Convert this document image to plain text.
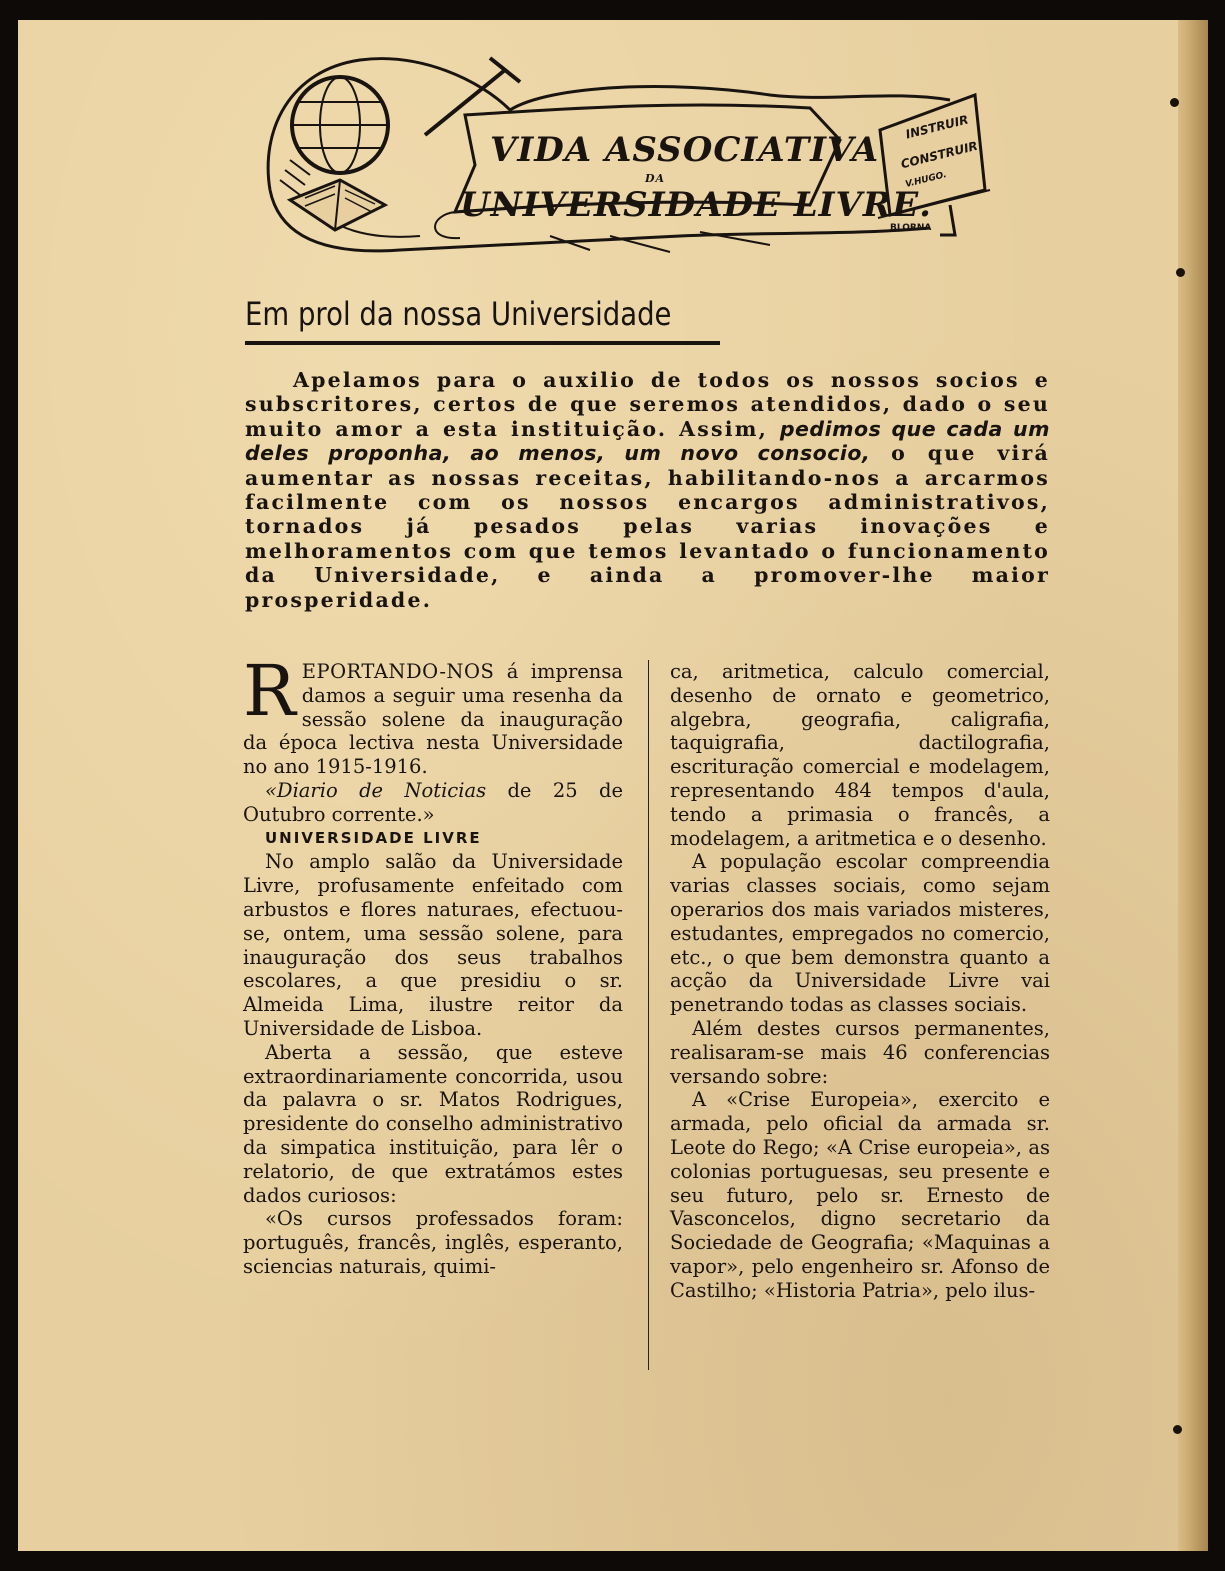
VIDA ASSOCIATIVA
DA
UNIVERSIDADE LIVRE.
INSTRUIR
CONSTRUIR
V.HUGO.
BLORNA
Em prol da nossa Universidade
Apelamos para o auxilio de todos os nossos socios e subscritores, certos de que seremos atendidos, dado o seu muito amor a esta instituição. Assim, pedimos que cada um deles proponha, ao menos, um novo consocio, o que virá aumentar as nossas receitas, habilitando-nos a arcarmos facilmente com os nossos encargos administrativos, tornados já pesados pelas varias inovações e melhoramentos com que temos levantado o funcionamento da Universidade, e ainda a promover-lhe maior prosperidade.

REPORTANDO-NOS á imprensa damos a seguir uma resenha da sessão solene da inauguração da época lectiva nesta Universidade no ano 1915-1916.

«Diario de Noticias de 25 de Outubro corrente.»

UNIVERSIDADE LIVRE

No amplo salão da Universidade Livre, profusamente enfeitado com arbustos e flores naturaes, efectuou-se, ontem, uma sessão solene, para inauguração dos seus trabalhos escolares, a que presidiu o sr. Almeida Lima, ilustre reitor da Universidade de Lisboa.

Aberta a sessão, que esteve extraordinariamente concorrida, usou da palavra o sr. Matos Rodrigues, presidente do conselho administrativo da simpatica instituição, para lêr o relatorio, de que extratámos estes dados curiosos:

«Os cursos professados foram: português, francês, inglês, esperanto, sciencias naturais, quimi-

ca, aritmetica, calculo comercial, desenho de ornato e geometrico, algebra, geografia, caligrafia, taquigrafia, dactilografia, escrituração comercial e modelagem, representando 484 tempos d'aula, tendo a primasia o francês, a modelagem, a aritmetica e o desenho.

A população escolar compreendia varias classes sociais, como sejam operarios dos mais variados misteres, estudantes, empregados no comercio, etc., o que bem demonstra quanto a acção da Universidade Livre vai penetrando todas as classes sociais.

Além destes cursos permanentes, realisaram-se mais 46 conferencias versando sobre:

A «Crise Europeia», exercito e armada, pelo oficial da armada sr. Leote do Rego; «A Crise europeia», as colonias portuguesas, seu presente e seu futuro, pelo sr. Ernesto de Vasconcelos, digno secretario da Sociedade de Geografia; «Maquinas a vapor», pelo engenheiro sr. Afonso de Castilho; «Historia Patria», pelo ilus-
